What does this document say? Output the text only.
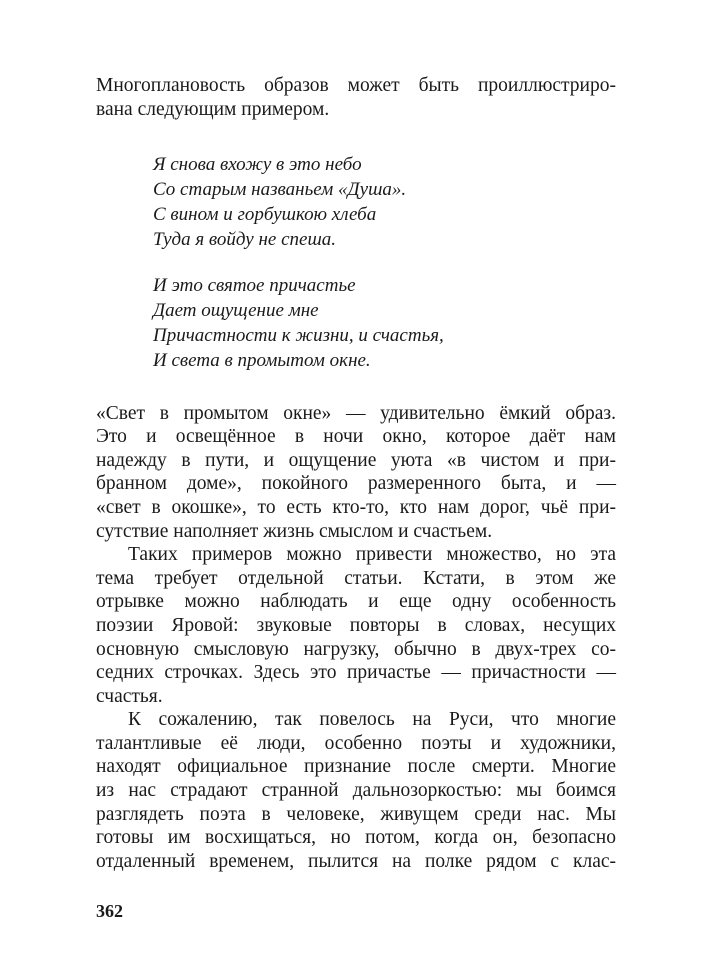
Многоплановость образов может быть проиллюстриро-
вана следующим примером.
Я снова вхожу в это небо
Со старым названьем «Душа».
С вином и горбушкою хлеба
Туда я войду не спеша.
И это святое причастье
Дает ощущение мне
Причастности к жизни, и счастья,
И света в промытом окне.
«Свет в промытом окне» — удивительно ёмкий образ.
Это и освещённое в ночи окно, которое даёт нам
надежду в пути, и ощущение уюта «в чистом и при-
бранном доме», покойного размеренного быта, и —
«свет в окошке», то есть кто-то, кто нам дорог, чьё при-
сутствие наполняет жизнь смыслом и счастьем.
Таких примеров можно привести множество, но эта
тема требует отдельной статьи. Кстати, в этом же
отрывке можно наблюдать и еще одну особенность
поэзии Яровой: звуковые повторы в словах, несущих
основную смысловую нагрузку, обычно в двух-трех со-
седних строчках. Здесь это причастье — причастности —
счастья.
К сожалению, так повелось на Руси, что многие
талантливые её люди, особенно поэты и художники,
находят официальное признание после смерти. Многие
из нас страдают странной дальнозоркостью: мы боимся
разглядеть поэта в человеке, живущем среди нас. Мы
готовы им восхищаться, но потом, когда он, безопасно
отдаленный временем, пылится на полке рядом с клас-
362
